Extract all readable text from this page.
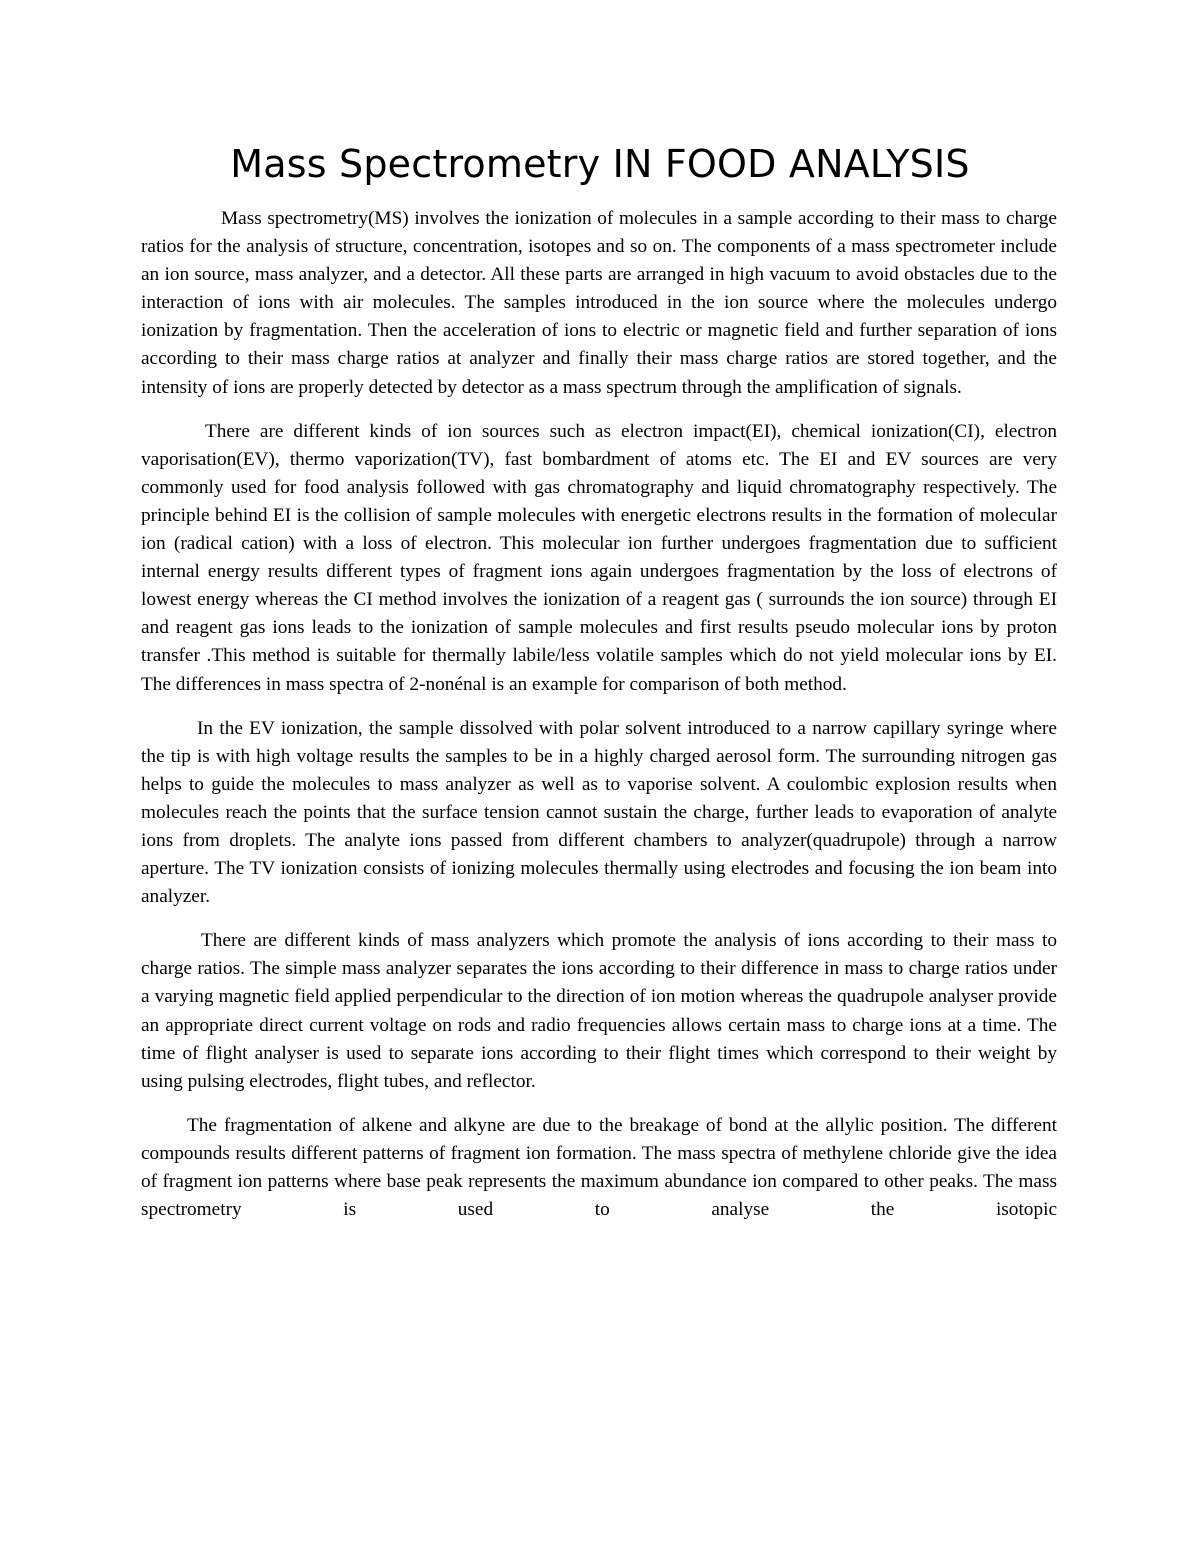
Mass Spectrometry IN FOOD ANALYSIS

Mass spectrometry(MS) involves the ionization of molecules in a sample according to their mass to charge ratios for the analysis of structure, concentration, isotopes and so on. The components of a mass spectrometer include an ion source, mass analyzer, and a detector. All these parts are arranged in high vacuum to avoid obstacles due to the interaction of ions with air molecules. The samples introduced in the ion source where the molecules undergo ionization by fragmentation. Then the acceleration of ions to electric or magnetic field and further separation of ions according to their mass charge ratios at analyzer and finally their mass charge ratios are stored together, and the intensity of ions are properly detected by detector as a mass spectrum through the amplification of signals.

There are different kinds of ion sources such as electron impact(EI), chemical ionization(CI), electron vaporisation(EV), thermo vaporization(TV), fast bombardment of atoms etc. The EI and EV sources are very commonly used for food analysis followed with gas chromatography and liquid chromatography respectively. The principle behind EI is the collision of sample molecules with energetic electrons results in the formation of molecular ion (radical cation) with a loss of electron. This molecular ion further undergoes fragmentation due to sufficient internal energy results different types of fragment ions again undergoes fragmentation by the loss of electrons of lowest energy whereas the CI method involves the ionization of a reagent gas ( surrounds the ion source) through EI and reagent gas ions leads to the ionization of sample molecules and first results pseudo molecular ions by proton transfer .This method is suitable for thermally labile/less volatile samples which do not yield molecular ions by EI. The differences in mass spectra of 2-nonénal is an example for comparison of both method.

In the EV ionization, the sample dissolved with polar solvent introduced to a narrow capillary syringe where the tip is with high voltage results the samples to be in a highly charged aerosol form. The surrounding nitrogen gas helps to guide the molecules to mass analyzer as well as to vaporise solvent. A coulombic explosion results when molecules reach the points that the surface tension cannot sustain the charge, further leads to evaporation of analyte ions from droplets. The analyte ions passed from different chambers to analyzer(quadrupole) through a narrow aperture. The TV ionization consists of ionizing molecules thermally using electrodes and focusing the ion beam into analyzer.

There are different kinds of mass analyzers which promote the analysis of ions according to their mass to charge ratios. The simple mass analyzer separates the ions according to their difference in mass to charge ratios under a varying magnetic field applied perpendicular to the direction of ion motion whereas the quadrupole analyser provide an appropriate direct current voltage on rods and radio frequencies allows certain mass to charge ions at a time. The time of flight analyser is used to separate ions according to their flight times which correspond to their weight by using pulsing electrodes, flight tubes, and reflector.

The fragmentation of alkene and alkyne are due to the breakage of bond at the allylic position. The different compounds results different patterns of fragment ion formation. The mass spectra of methylene chloride give the idea of fragment ion patterns where base peak represents the maximum abundance ion compared to other peaks. The mass spectrometry is used to analyse the isotopic
